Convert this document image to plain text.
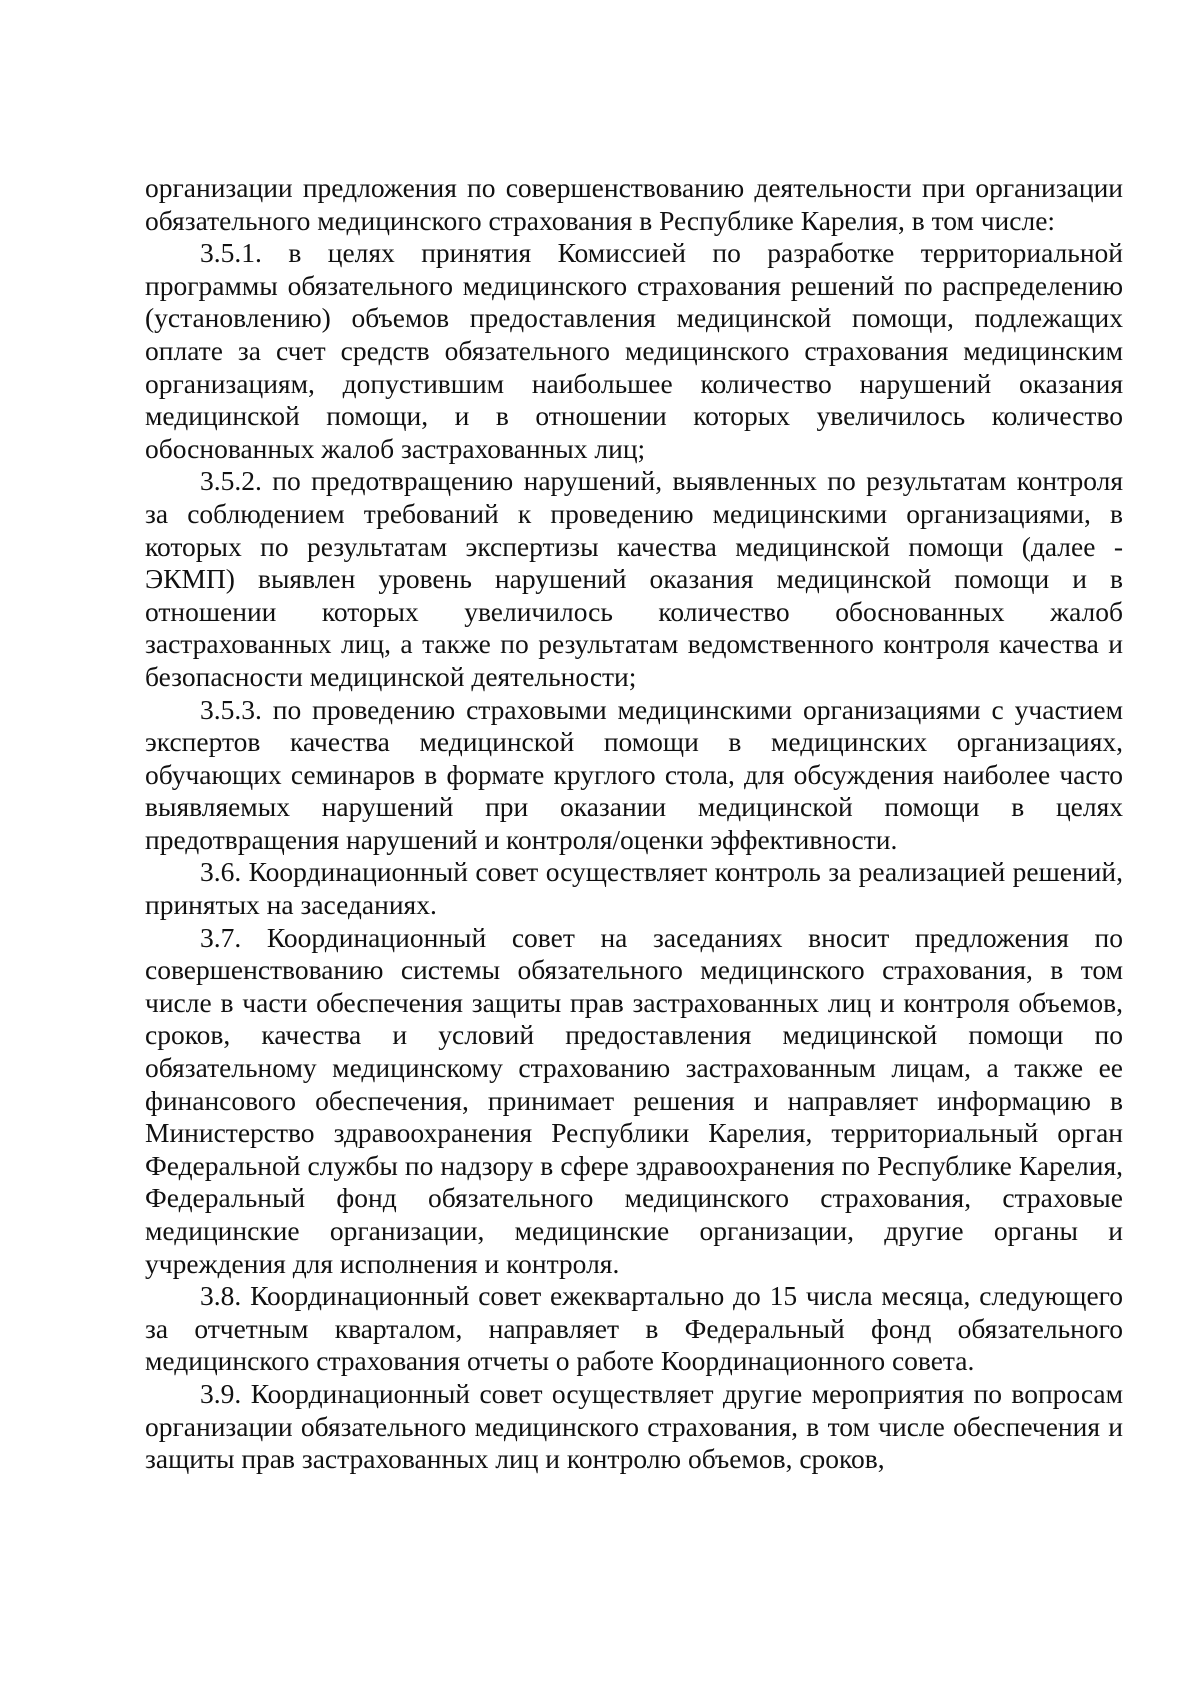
организации предложения по совершенствованию деятельности при организации обязательного медицинского страхования в Республике Карелия, в том числе:

3.5.1. в целях принятия Комиссией по разработке территориальной программы обязательного медицинского страхования решений по распределению (установлению) объемов предоставления медицинской помощи, подлежащих оплате за счет средств обязательного медицинского страхования медицинским организациям, допустившим наибольшее количество нарушений оказания медицинской помощи, и в отношении которых увеличилось количество обоснованных жалоб застрахованных лиц;

3.5.2. по предотвращению нарушений, выявленных по результатам контроля за соблюдением требований к проведению медицинскими организациями, в которых по результатам экспертизы качества медицинской помощи (далее - ЭКМП) выявлен уровень нарушений оказания медицинской помощи и в отношении которых увеличилось количество обоснованных жалоб застрахованных лиц, а также по результатам ведомственного контроля качества и безопасности медицинской деятельности;

3.5.3. по проведению страховыми медицинскими организациями с участием экспертов качества медицинской помощи в медицинских организациях, обучающих семинаров в формате круглого стола, для обсуждения наиболее часто выявляемых нарушений при оказании медицинской помощи в целях предотвращения нарушений и контроля/оценки эффективности.

3.6. Координационный совет осуществляет контроль за реализацией решений, принятых на заседаниях.

3.7. Координационный совет на заседаниях вносит предложения по совершенствованию системы обязательного медицинского страхования, в том числе в части обеспечения защиты прав застрахованных лиц и контроля объемов, сроков, качества и условий предоставления медицинской помощи по обязательному медицинскому страхованию застрахованным лицам, а также ее финансового обеспечения, принимает решения и направляет информацию в Министерство здравоохранения Республики Карелия, территориальный орган Федеральной службы по надзору в сфере здравоохранения по Республике Карелия, Федеральный фонд обязательного медицинского страхования, страховые медицинские организации, медицинские организации, другие органы и учреждения для исполнения и контроля.

3.8. Координационный совет ежеквартально до 15 числа месяца, следующего за отчетным кварталом, направляет в Федеральный фонд обязательного медицинского страхования отчеты о работе Координационного совета.

3.9. Координационный совет осуществляет другие мероприятия по вопросам организации обязательного медицинского страхования, в том числе обеспечения и защиты прав застрахованных лиц и контролю объемов, сроков,
